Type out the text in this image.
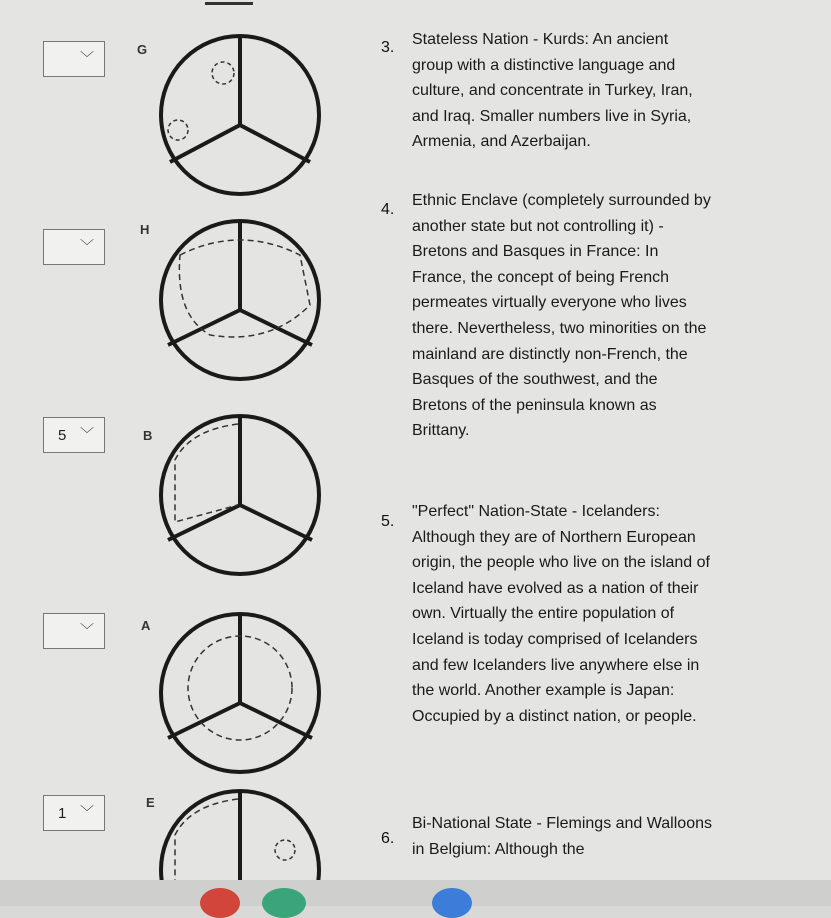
﹀
G
﹀
H
5 ﹀	B
﹀	A
1 ﹀
E
3. Stateless Nation - Kurds: An ancient group with a distinctive language and culture, and concentrate in Turkey, Iran, and Iraq. Smaller numbers live in Syria, Armenia, and Azerbaijan.
4.
Ethnic Enclave (completely surrounded by another state but not controlling it) - Bretons and Basques in France: In France, the concept of being French permeates virtually everyone who lives there. Nevertheless, two minorities on the mainland are distinctly non-French, the Basques of the southwest, and the Bretons of the peninsula known as Brittany.
5.
"Perfect" Nation-State - Icelanders: Although they are of Northern European origin, the people who live on the island of Iceland have evolved as a nation of their own. Virtually the entire population of Iceland is today comprised of Icelanders and few Icelanders live anywhere else in the world. Another example is Japan: Occupied by a distinct nation, or people.
6.
Bi-National State - Flemings and Walloons in Belgium: Although the
